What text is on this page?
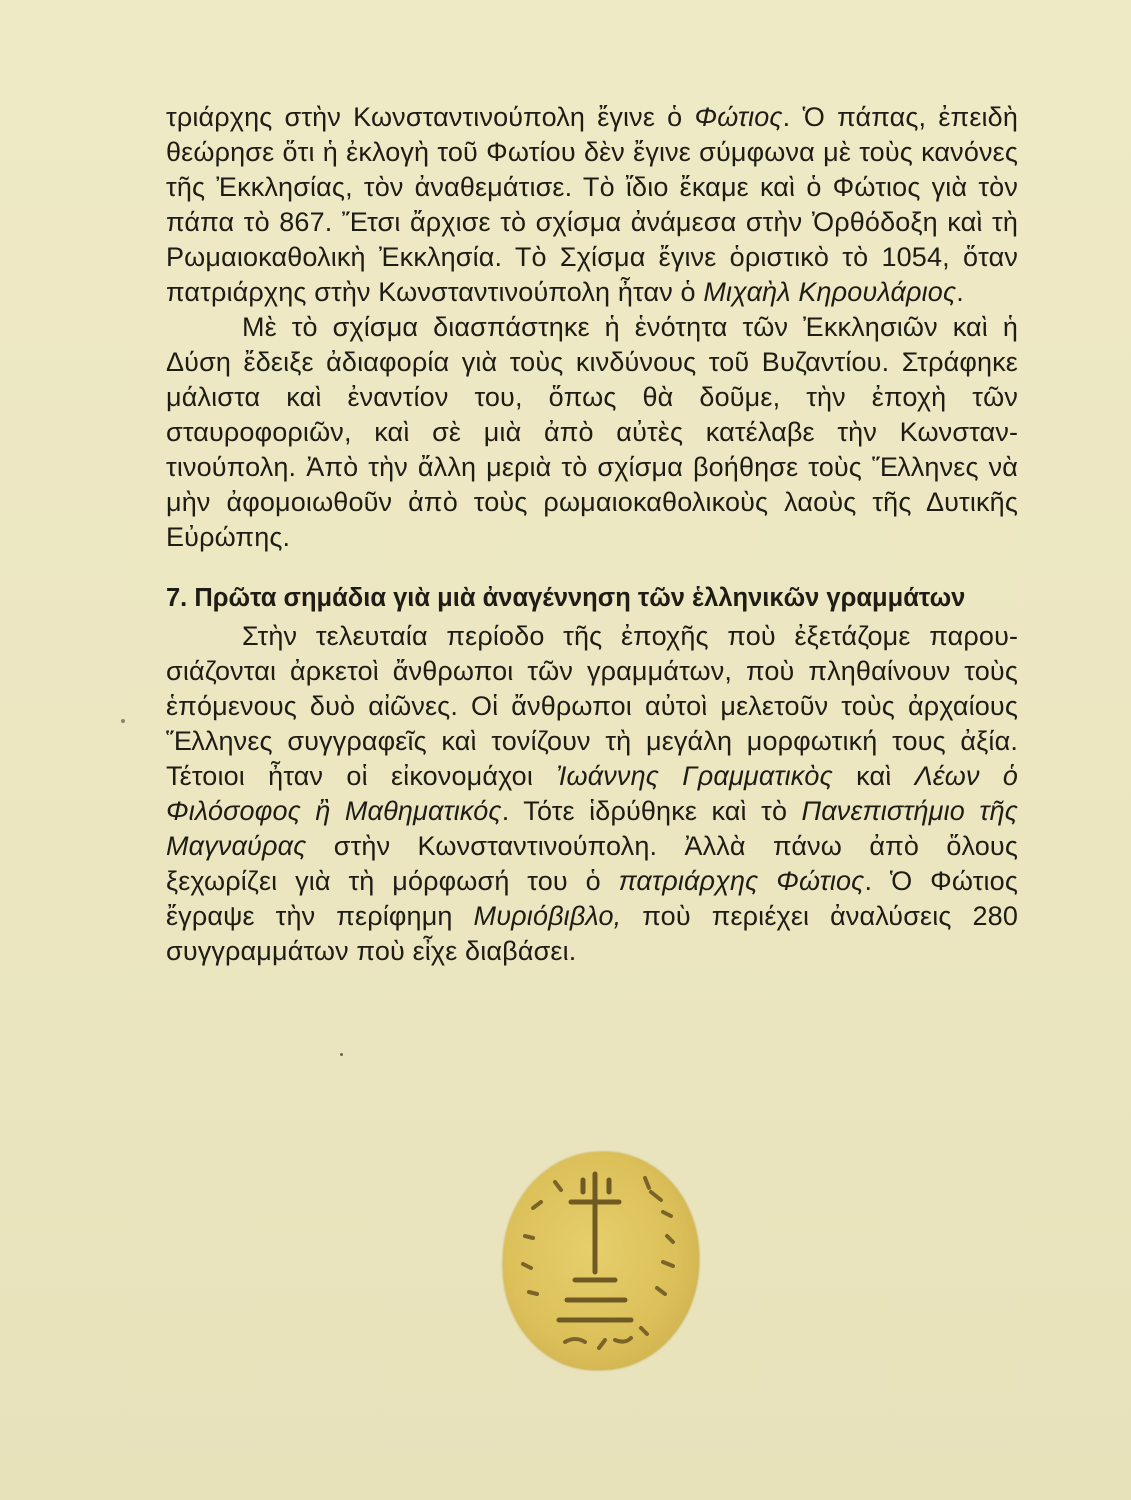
τριάρχης στὴν Κωνσταντινούπολη ἔγινε ὁ Φώτιος. Ὁ πάπας, ἐπειδὴ θεώρησε ὅτι ἡ ἐκλογὴ τοῦ Φωτίου δὲν ἔγινε σύμφωνα μὲ τοὺς κανόνες τῆς Ἐκκλησίας, τὸν ἀναθεμάτισε. Τὸ ἴδιο ἔκαμε καὶ ὁ Φώτιος γιὰ τὸν πάπα τὸ 867. Ἔτσι ἄρχισε τὸ σχίσμα ἀνάμεσα στὴν Ὀρθόδοξη καὶ τὴ Ρωμαιοκαθολικὴ Ἐκκλησία. Τὸ Σχίσμα ἔγινε ὁριστικὸ τὸ 1054, ὅταν πατριάρχης στὴν Κωνσταντινούπολη ἦταν ὁ Μιχαὴλ Κηρουλάριος.

Μὲ τὸ σχίσμα διασπάστηκε ἡ ἑνότητα τῶν Ἐκκλησιῶν καὶ ἡ Δύση ἔδειξε ἀδιαφορία γιὰ τοὺς κινδύνους τοῦ Βυζαντίου. Στράφηκε μάλιστα καὶ ἐναντίον του, ὅπως θὰ δοῦμε, τὴν ἐποχὴ τῶν σταυροφοριῶν, καὶ σὲ μιὰ ἀπὸ αὐτὲς κατέλαβε τὴν Κωνσταντινούπολη. Ἀπὸ τὴν ἄλλη μεριὰ τὸ σχίσμα βοήθησε τοὺς Ἕλληνες νὰ μὴν ἀφομοιωθοῦν ἀπὸ τοὺς ρωμαιοκαθολικοὺς λαοὺς τῆς Δυτικῆς Εὐρώπης.

7. Πρῶτα σημάδια γιὰ μιὰ ἀναγέννηση τῶν ἑλληνικῶν γραμμάτων

Στὴν τελευταία περίοδο τῆς ἐποχῆς ποὺ ἐξετάζομε παρουσιάζονται ἀρκετοὶ ἄνθρωποι τῶν γραμμάτων, ποὺ πληθαίνουν τοὺς ἑπόμενους δυὸ αἰῶνες. Οἱ ἄνθρωποι αὐτοὶ μελετοῦν τοὺς ἀρχαίους Ἕλληνες συγγραφεῖς καὶ τονίζουν τὴ μεγάλη μορφωτική τους ἀξία. Τέτοιοι ἦταν οἱ εἰκονομάχοι Ἰωάννης Γραμματικὸς καὶ Λέων ὁ Φιλόσοφος ἢ Μαθηματικός. Τότε ἱδρύθηκε καὶ τὸ Πανεπιστήμιο τῆς Μαγναύρας στὴν Κωνσταντινούπολη. Ἀλλὰ πάνω ἀπὸ ὅλους ξεχωρίζει γιὰ τὴ μόρφωσή του ὁ πατριάρχης Φώτιος. Ὁ Φώτιος ἔγραψε τὴν περίφημη Μυριόβιβλο, ποὺ περιέχει ἀναλύσεις 280 συγγραμμάτων ποὺ εἶχε διαβάσει.
